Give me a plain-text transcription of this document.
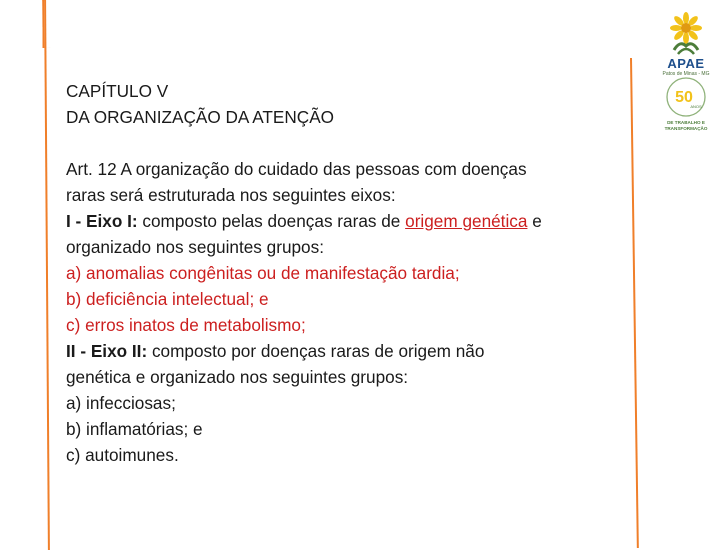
APAE
Patos de Minas - MG
50
ANOS
DE TRABALHO E
TRANSFORMAÇÃO
CAPÍTULO V
DA ORGANIZAÇÃO DA ATENÇÃO
Art. 12 A organização do cuidado das pessoas com doenças
raras será estruturada nos seguintes eixos:
I - Eixo I: composto pelas doenças raras de origem genética e
organizado nos seguintes grupos:
a) anomalias congênitas ou de manifestação tardia;
b) deficiência intelectual; e
c) erros inatos de metabolismo;
II - Eixo II: composto por doenças raras de origem não
genética e organizado nos seguintes grupos:
a) infecciosas;
b) inflamatórias; e
c) autoimunes.
